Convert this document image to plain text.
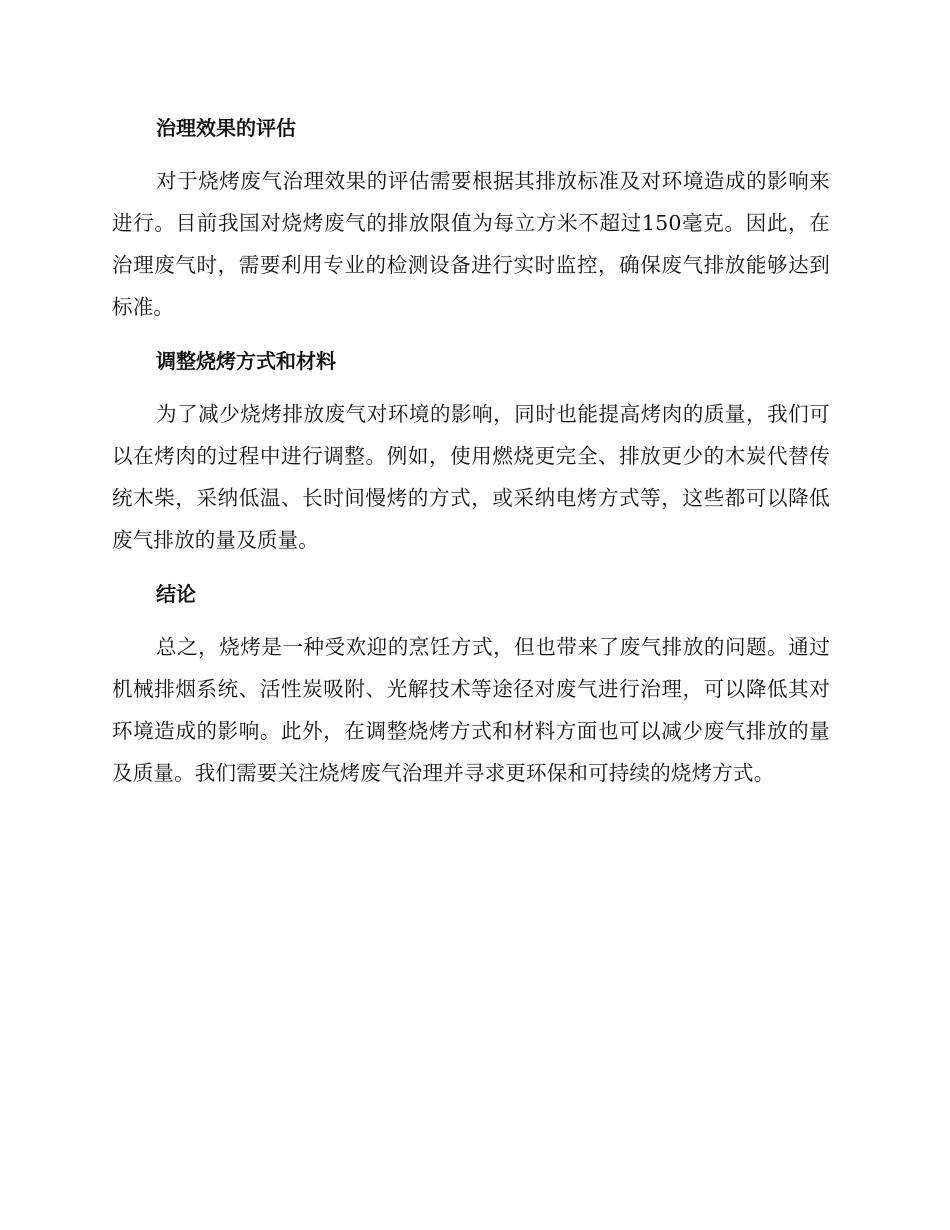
治理效果的评估

对于烧烤废气治理效果的评估需要根据其排放标准及对环境造成的影响来进行。目前我国对烧烤废气的排放限值为每立方米不超过150毫克。因此，在治理废气时，需要利用专业的检测设备进行实时监控，确保废气排放能够达到标准。

调整烧烤方式和材料

为了减少烧烤排放废气对环境的影响，同时也能提高烤肉的质量，我们可以在烤肉的过程中进行调整。例如，使用燃烧更完全、排放更少的木炭代替传统木柴，采纳低温、长时间慢烤的方式，或采纳电烤方式等，这些都可以降低废气排放的量及质量。

结论

总之，烧烤是一种受欢迎的烹饪方式，但也带来了废气排放的问题。通过机械排烟系统、活性炭吸附、光解技术等途径对废气进行治理，可以降低其对环境造成的影响。此外，在调整烧烤方式和材料方面也可以减少废气排放的量及质量。我们需要关注烧烤废气治理并寻求更环保和可持续的烧烤方式。
